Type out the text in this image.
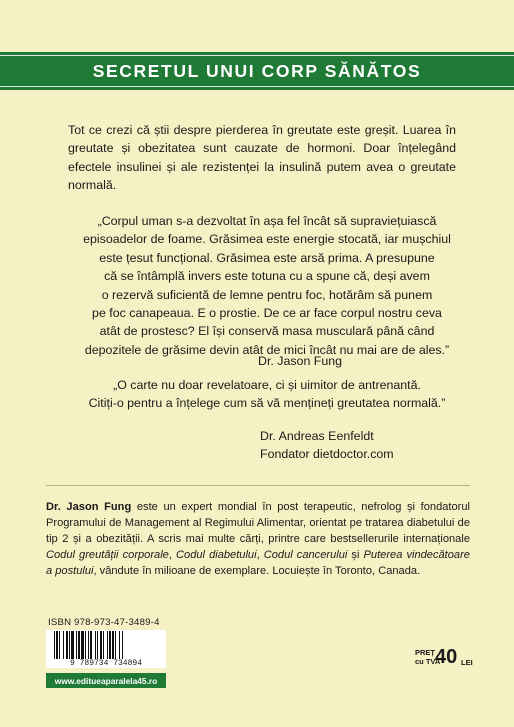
SECRETUL UNUI CORP SĂNĂTOS
Tot ce crezi că știi despre pierderea în greutate este greșit. Luarea în greutate și obezitatea sunt cauzate de hormoni. Doar înțelegând efectele insulinei și ale rezistenței la insulină putem avea o greutate normală.
„Corpul uman s-a dezvoltat în așa fel încât să supraviețuiască
episoadelor de foame. Grăsimea este energie stocată, iar mușchiul
este țesut funcțional. Grăsimea este arsă prima. A presupune
că se întâmplă invers este totuna cu a spune că, deși avem
o rezervă suficientă de lemne pentru foc, hotărâm să punem
pe foc canapeaua. E o prostie. De ce ar face corpul nostru ceva
atât de prostesc? El își conservă masa musculară până când
depozitele de grăsime devin atât de mici încât nu mai are de ales.”
Dr. Jason Fung
„O carte nu doar revelatoare, ci și uimitor de antrenantă.
Citiți-o pentru a înțelege cum să vă mențineți greutatea normală.”
Dr. Andreas Eenfeldt
Fondator dietdoctor.com
Dr. Jason Fung este un expert mondial în post terapeutic, nefrolog și fondatorul Programului de Management al Regimului Alimentar, orientat pe tratarea diabetului de tip 2 și a obezității. A scris mai multe cărți, printre care bestsellerurile internaționale Codul greutății corporale, Codul diabetului, Codul cancerului și Puterea vindecătoare a postului, vândute în milioane de exemplare. Locuiește în Toronto, Canada.
ISBN 978-973-47-3489-4
9 789734 734894
www.editueaparalela45.ro
PREȚ
cu TVA
40 LEI
